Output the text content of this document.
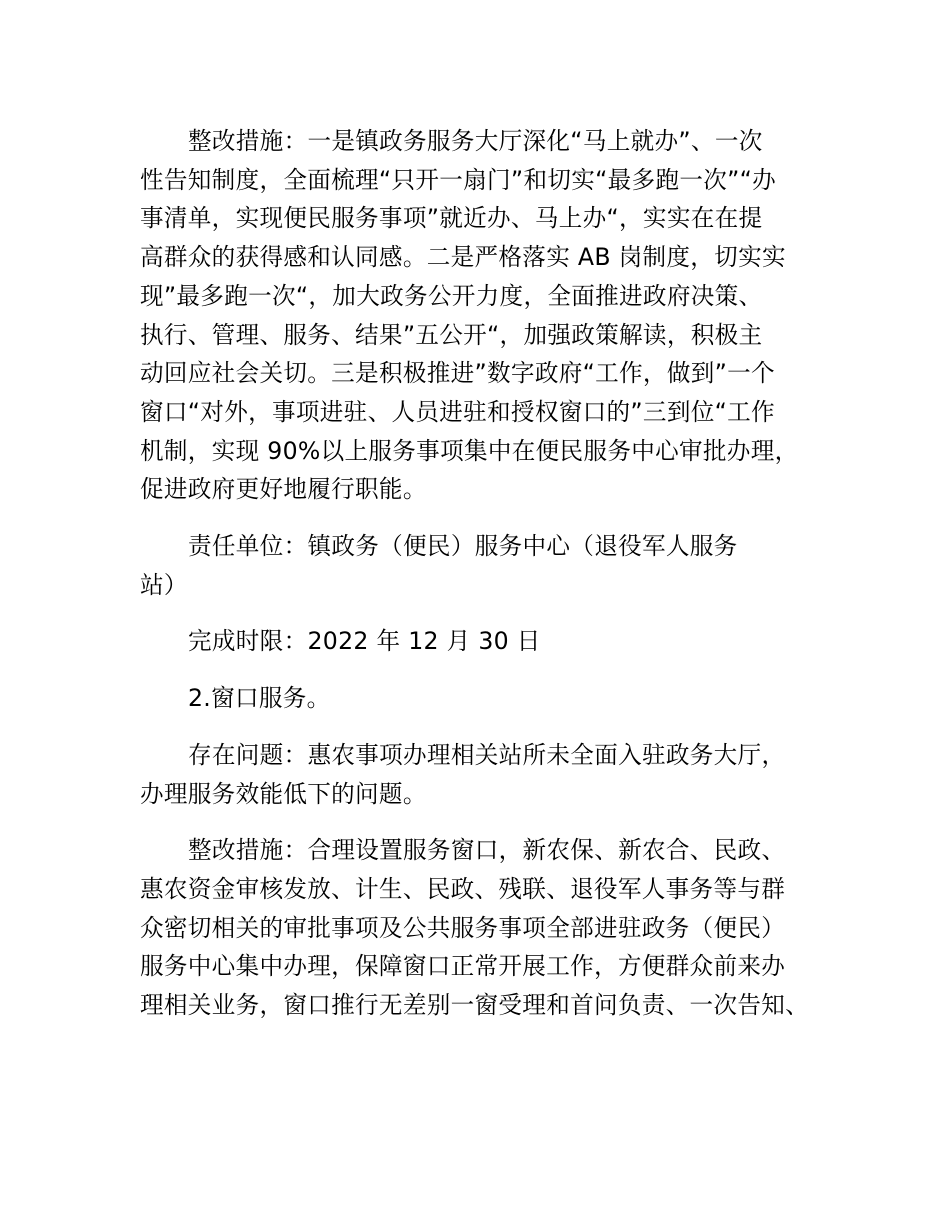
整改措施：一是镇政务服务大厅深化“马上就办”、一次
性告知制度，全面梳理“只开一扇门”和切实“最多跑一次”“办
事清单，实现便民服务事项”就近办、马上办“，实实在在提
高群众的获得感和认同感。二是严格落实 AB 岗制度，切实实
现”最多跑一次“，加大政务公开力度，全面推进政府决策、
执行、管理、服务、结果”五公开“，加强政策解读，积极主
动回应社会关切。三是积极推进”数字政府“工作，做到”一个
窗口“对外，事项进驻、人员进驻和授权窗口的”三到位“工作
机制，实现 90%以上服务事项集中在便民服务中心审批办理，
促进政府更好地履行职能。

责任单位：镇政务（便民）服务中心（退役军人服务
站）

完成时限：2022 年 12 月 30 日

2.窗口服务。

存在问题：惠农事项办理相关站所未全面入驻政务大厅，
办理服务效能低下的问题。

整改措施：合理设置服务窗口，新农保、新农合、民政、
惠农资金审核发放、计生、民政、残联、退役军人事务等与群
众密切相关的审批事项及公共服务事项全部进驻政务（便民）
服务中心集中办理，保障窗口正常开展工作，方便群众前来办
理相关业务，窗口推行无差别一窗受理和首问负责、一次告知、
